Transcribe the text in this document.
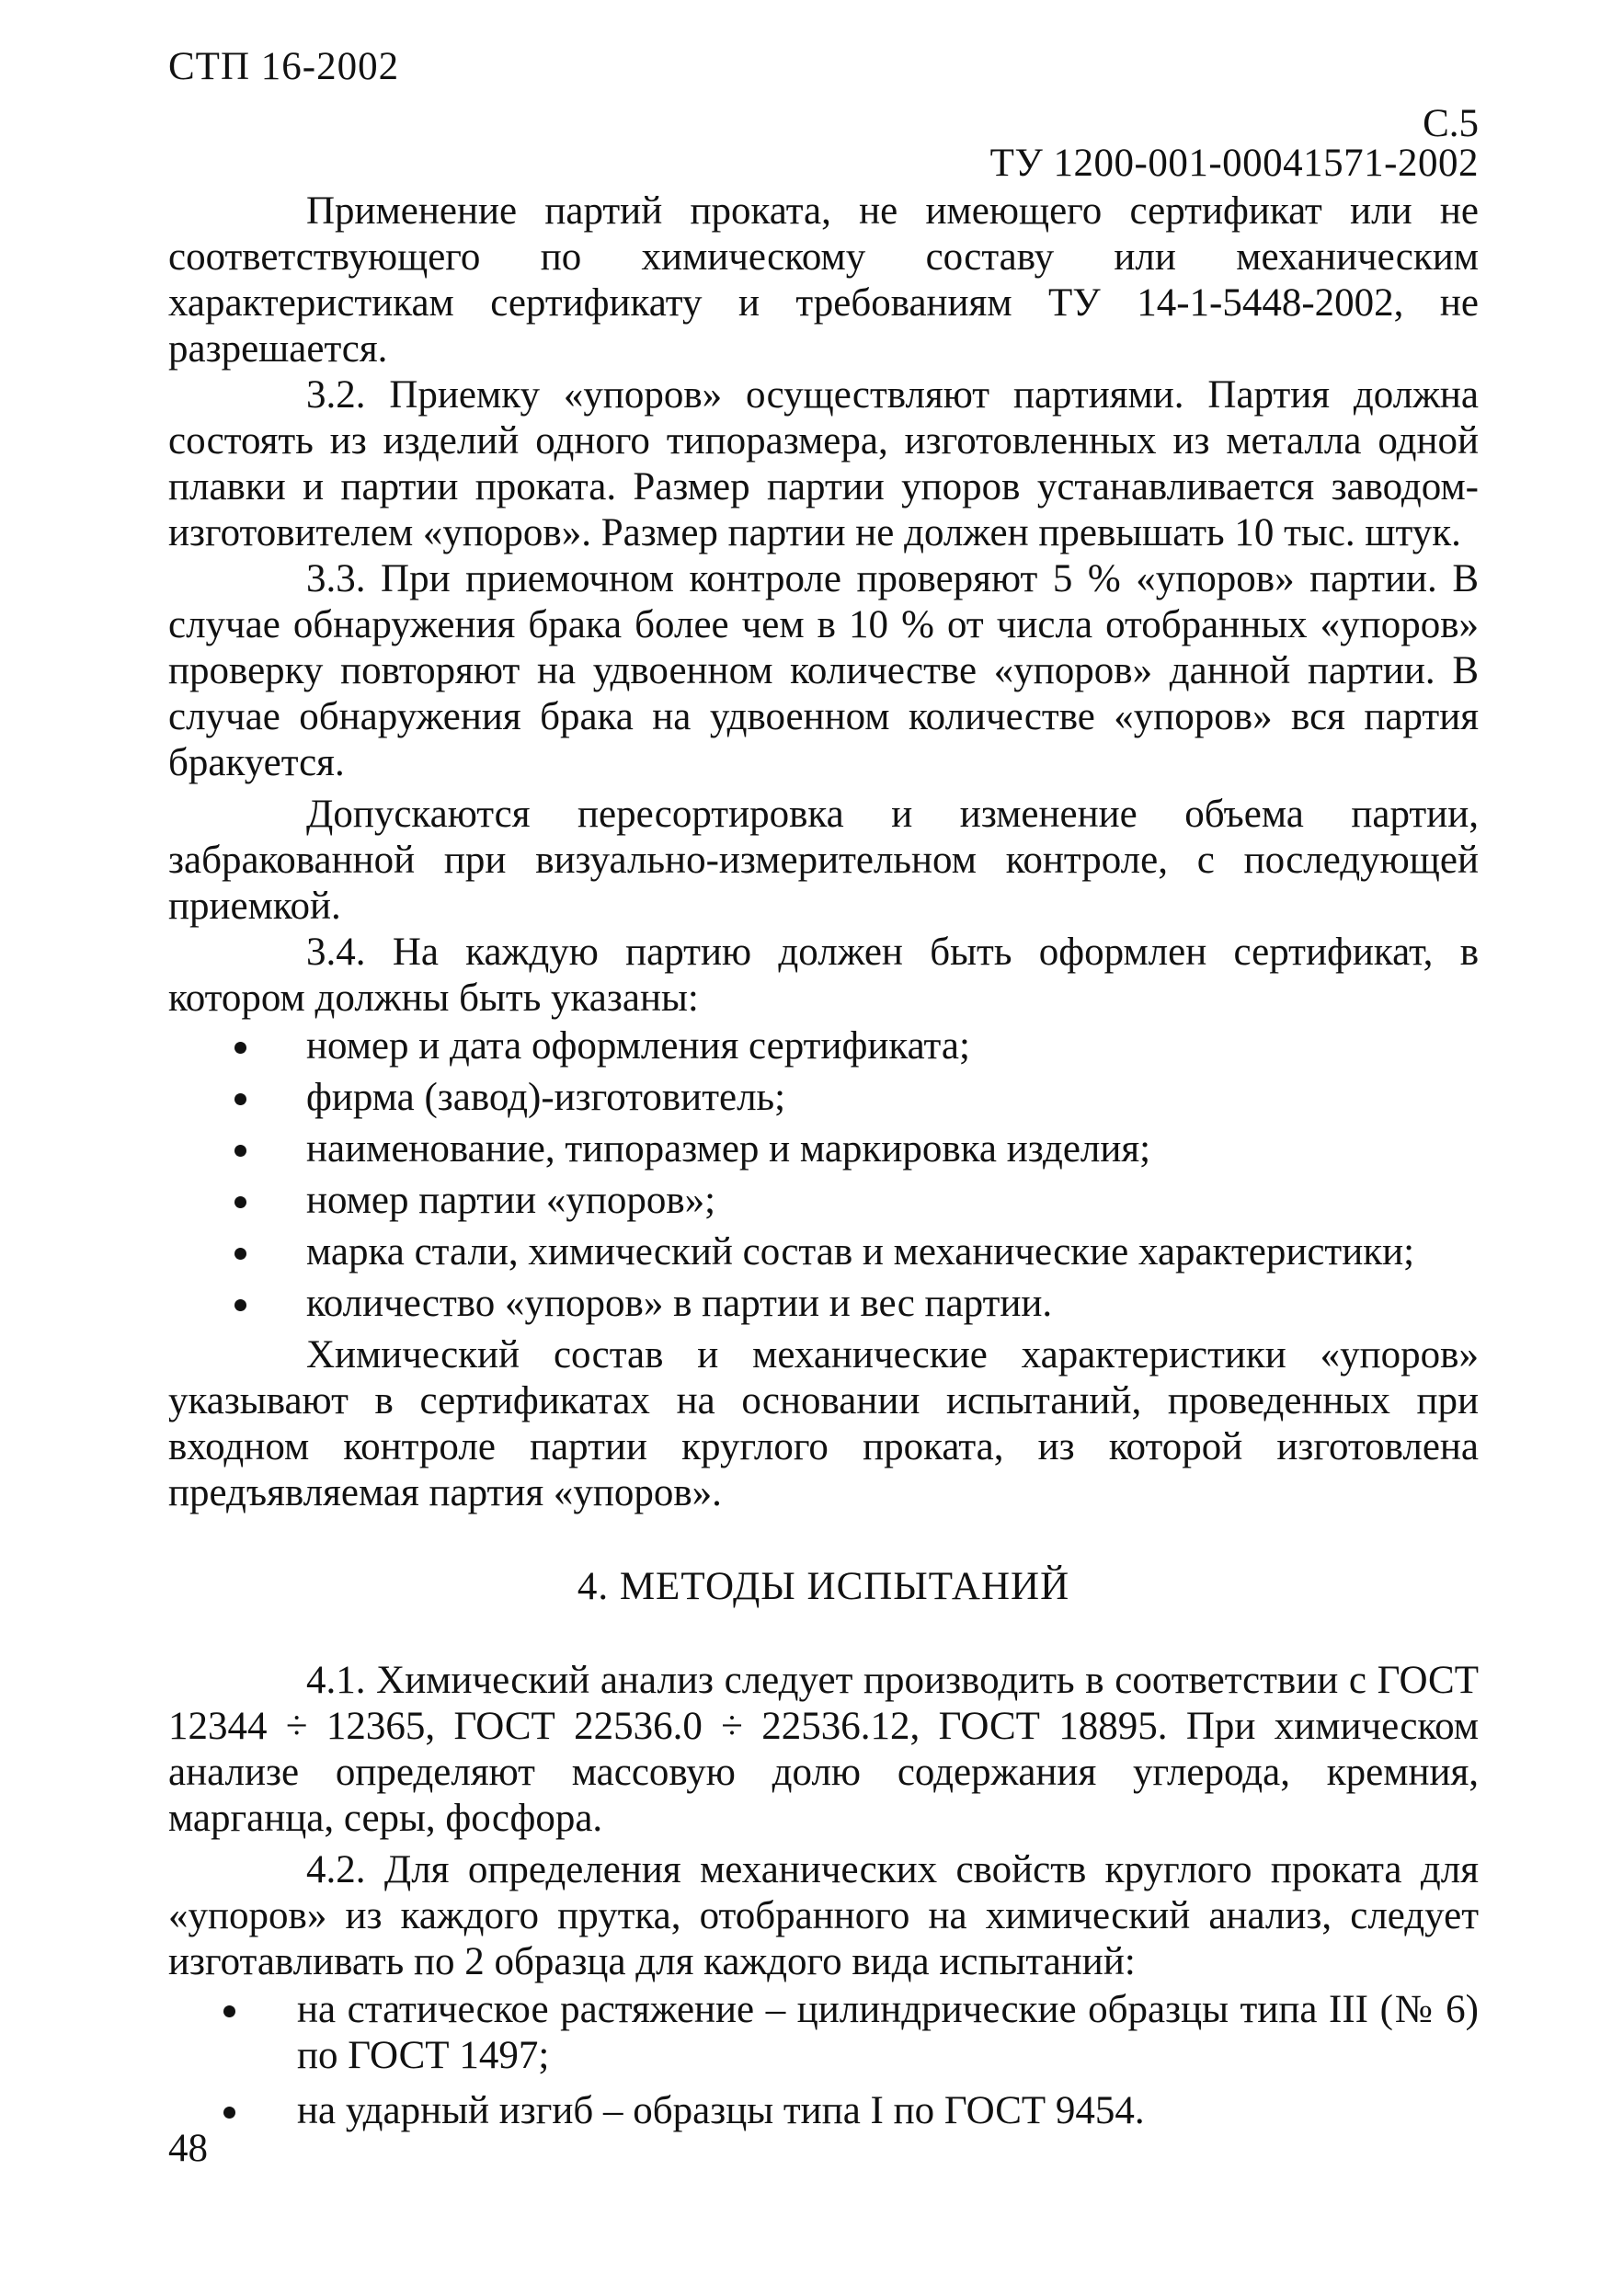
СТП 16-2002
С.5
ТУ 1200-001-00041571-2002

Применение партий проката, не имеющего сертификат или не соответствующего по химическому составу или механическим характеристикам сертификату и требованиям ТУ 14-1-5448-2002, не разрешается.

3.2. Приемку «упоров» осуществляют партиями. Партия должна состоять из изделий одного типоразмера, изготовленных из металла одной плавки и партии проката. Размер партии упоров устанавливается заводом-изготовителем «упоров». Размер партии не должен превышать 10 тыс. штук.

3.3. При приемочном контроле проверяют 5 % «упоров» партии. В случае обнаружения брака более чем в 10 % от числа отобранных «упоров» проверку повторяют на удвоенном количестве «упоров» данной партии. В случае обнаружения брака на удвоенном количестве «упоров» вся партия бракуется.

Допускаются пересортировка и изменение объема партии, забракованной при визуально-измерительном контроле, с последующей приемкой.

3.4. На каждую партию должен быть оформлен сертификат, в котором должны быть указаны:

номер и дата оформления сертификата;
фирма (завод)-изготовитель;
наименование, типоразмер и маркировка изделия;
номер партии «упоров»;
марка стали, химический состав и механические характеристики;
количество «упоров» в партии и вес партии.

Химический состав и механические характеристики «упоров» указывают в сертификатах на основании испытаний, проведенных при входном контроле партии круглого проката, из которой изготовлена предъявляемая партия «упоров».

4. МЕТОДЫ ИСПЫТАНИЙ

4.1. Химический анализ следует производить в соответствии с ГОСТ 12344 ÷ 12365, ГОСТ 22536.0 ÷ 22536.12, ГОСТ 18895. При химическом анализе определяют массовую долю содержания углерода, кремния, марганца, серы, фосфора.

4.2. Для определения механических свойств круглого проката для «упоров» из каждого прутка, отобранного на химический анализ, следует изготавливать по 2 образца для каждого вида испытаний:

на статическое растяжение – цилиндрические образцы типа III (№ 6) по ГОСТ 1497;
на ударный изгиб – образцы типа I по ГОСТ 9454.
48
